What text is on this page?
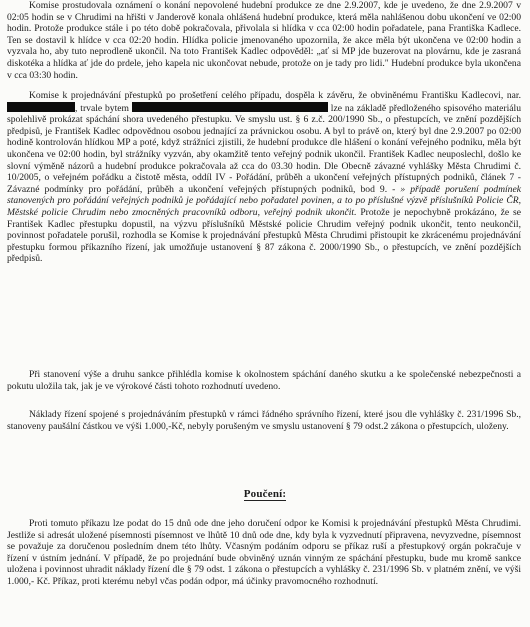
Komise prostudovala oznámení o konání nepovolené hudební produkce ze dne 2.9.2007, kde je uvedeno, že dne 2.9.2007 v 02:05 hodin se v Chrudimi na hřišti v Janderově konala ohlášená hudební produkce, která měla nahlášenou dobu ukončení ve 02:00 hodin. Protože produkce stále i po této době pokračovala, přivolala si hlídka v cca 02:00 hodin pořadatele, pana Františka Kadlece. Ten se dostavil k hlídce v cca 02:20 hodin. Hlídka policie jmenovaného upozornila, že akce měla být ukončena ve 02:00 hodin a vyzvala ho, aby tuto neprodleně ukončil. Na toto František Kadlec odpověděl: „ať si MP jde buzerovat na plovárnu, kde je zasraná diskotéka a hlídka ať jde do prdele, jeho kapela nic ukončovat nebude, protože on je tady pro lidi." Hudební produkce byla ukončena v cca 03:30 hodin.

Komise k projednávání přestupků po prošetření celého případu, dospěla k závěru, že obviněnému Františku Kadlecovi, nar. , trvale bytem	lze na základě předloženého spisového materiálu spolehlivě prokázat spáchání shora uvedeného přestupku. Ve smyslu ust. § 6 z.č. 200/1990 Sb., o přestupcích, ve znění pozdějších předpisů, je František Kadlec odpovědnou osobou jednající za právnickou osobu. A byl to právě on, který byl dne 2.9.2007 po 02:00 hodině kontrolován hlídkou MP a poté, když strážníci zjistili, že hudební produkce dle hlášení o konání veřejného podniku, měla být ukončena ve 02:00 hodin, byl strážníky vyzván, aby okamžitě tento veřejný podnik ukončil. František Kadlec neuposlechl, došlo ke slovní výměně názorů a hudební produkce pokračovala až cca do 03.30 hodin. Dle Obecně závazné vyhlášky Města Chrudimi č. 10/2005, o veřejném pořádku a čistotě města, oddíl IV - Pořádání, průběh a ukončení veřejných přístupných podniků, článek 7 - Závazné podmínky pro pořádání, průběh a ukončení veřejných přístupných podniků, bod 9. - » případě porušení podmínek stanovených pro pořádání veřejných podniků je pořádající nebo pořadatel povinen, a to po příslušné výzvě příslušníků Policie ČR, Městské policie Chrudim nebo zmocněných pracovníků odboru, veřejný podnik ukončit. Protože je nepochybně prokázáno, že se František Kadlec přestupku dopustil, na výzvu příslušníků Městské policie Chrudim veřejný podnik ukončit, tento neukončil, povinnost pořadatele porušil, rozhodla se Komise k projednávání přestupků Města Chrudimi přistoupit ke zkrácenému projednávání přestupku formou příkazního řízení, jak umožňuje ustanovení § 87 zákona č. 2000/1990 Sb., o přestupcích, ve znění pozdějších předpisů.

Při stanovení výše a druhu sankce přihlédla komise k okolnostem spáchání daného skutku a ke společenské nebezpečnosti a pokutu uložila tak, jak je ve výrokové části tohoto rozhodnutí uvedeno.

Náklady řízení spojené s projednáváním přestupků v rámci řádného správního řízení, které jsou dle vyhlášky č. 231/1996 Sb., stanoveny paušální částkou ve výši 1.000,-Kč, nebyly porušeným ve smyslu ustanovení § 79 odst.2 zákona o přestupcích, uloženy.

Poučení:

Proti tomuto příkazu lze podat do 15 dnů ode dne jeho doručení odpor ke Komisi k projednávání přestupků Města Chrudimi. Jestliže si adresát uložené písemnosti písemnost ve lhůtě 10 dnů ode dne, kdy byla k vyzvednutí připravena, nevyzvedne, písemnost se považuje za doručenou posledním dnem této lhůty. Včasným podáním odporu se příkaz ruší a přestupkový orgán pokračuje v řízení v ústním jednání. V případě, že po projednání bude obviněný uznán vinným ze spáchání přestupku, bude mu kromě sankce uložena i povinnost uhradit náklady řízení dle § 79 odst. 1 zákona o přestupcích a vyhlášky č. 231/1996 Sb. v platném znění, ve výši 1.000,- Kč. Příkaz, proti kterému nebyl včas podán odpor, má účinky pravomocného rozhodnutí.
